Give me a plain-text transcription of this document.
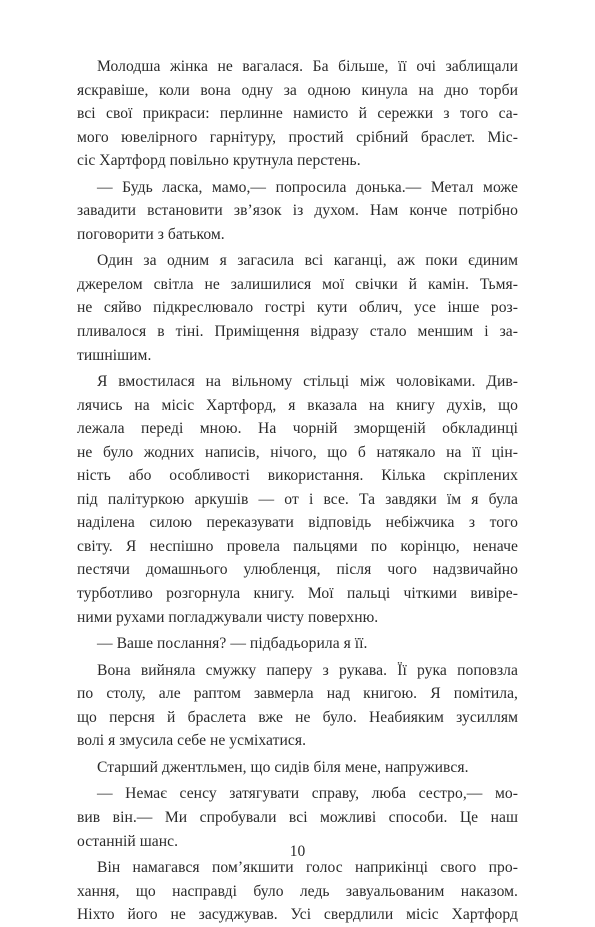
Молодша жінка не вагалася. Ба більше, її очі заблищали
яскравіше, коли вона одну за одною кинула на дно торби
всі свої прикраси: перлинне намисто й сережки з того са-
мого ювелірного гарнітуру, простий срібний браслет. Міс-
сіс Хартфорд повільно крутнула перстень.
— Будь ласка, мамо,— попросила донька.— Метал може
завадити встановити зв’язок із духом. Нам конче потрібно
поговорити з батьком.
Один за одним я загасила всі каганці, аж поки єдиним
джерелом світла не залишилися мої свічки й камін. Тьмя-
не сяйво підкреслювало гострі кути облич, усе інше роз-
пливалося в тіні. Приміщення відразу стало меншим і за-
тишнішим.
Я вмостилася на вільному стільці між чоловіками. Див-
лячись на місіс Хартфорд, я вказала на книгу духів, що
лежала переді мною. На чорній зморщеній обкладинці
не було жодних написів, нічого, що б натякало на її цін-
ність або особливості використання. Кілька скріплених
під палітуркою аркушів — от і все. Та завдяки їм я була
наділена силою переказувати відповідь небіжчика з того
світу. Я неспішно провела пальцями по корінцю, неначе
пестячи домашнього улюбленця, після чого надзвичайно
турботливо розгорнула книгу. Мої пальці чіткими вивіре-
ними рухами погладжували чисту поверхню.
— Ваше послання? — підбадьорила я її.
Вона вийняла смужку паперу з рукава. Її рука поповзла
по столу, але раптом завмерла над книгою. Я помітила,
що персня й браслета вже не було. Неабияким зусиллям
волі я змусила себе не усміхатися.
Старший джентльмен, що сидів біля мене, напружився.
— Немає сенсу затягувати справу, люба сестро,— мо-
вив він.— Ми спробували всі можливі способи. Це наш
останній шанс.
Він намагався пом’якшити голос наприкінці свого про-
хання, що насправді було ледь завуальованим наказом.
Ніхто його не засуджував. Усі свердлили місіс Хартфорд
10
